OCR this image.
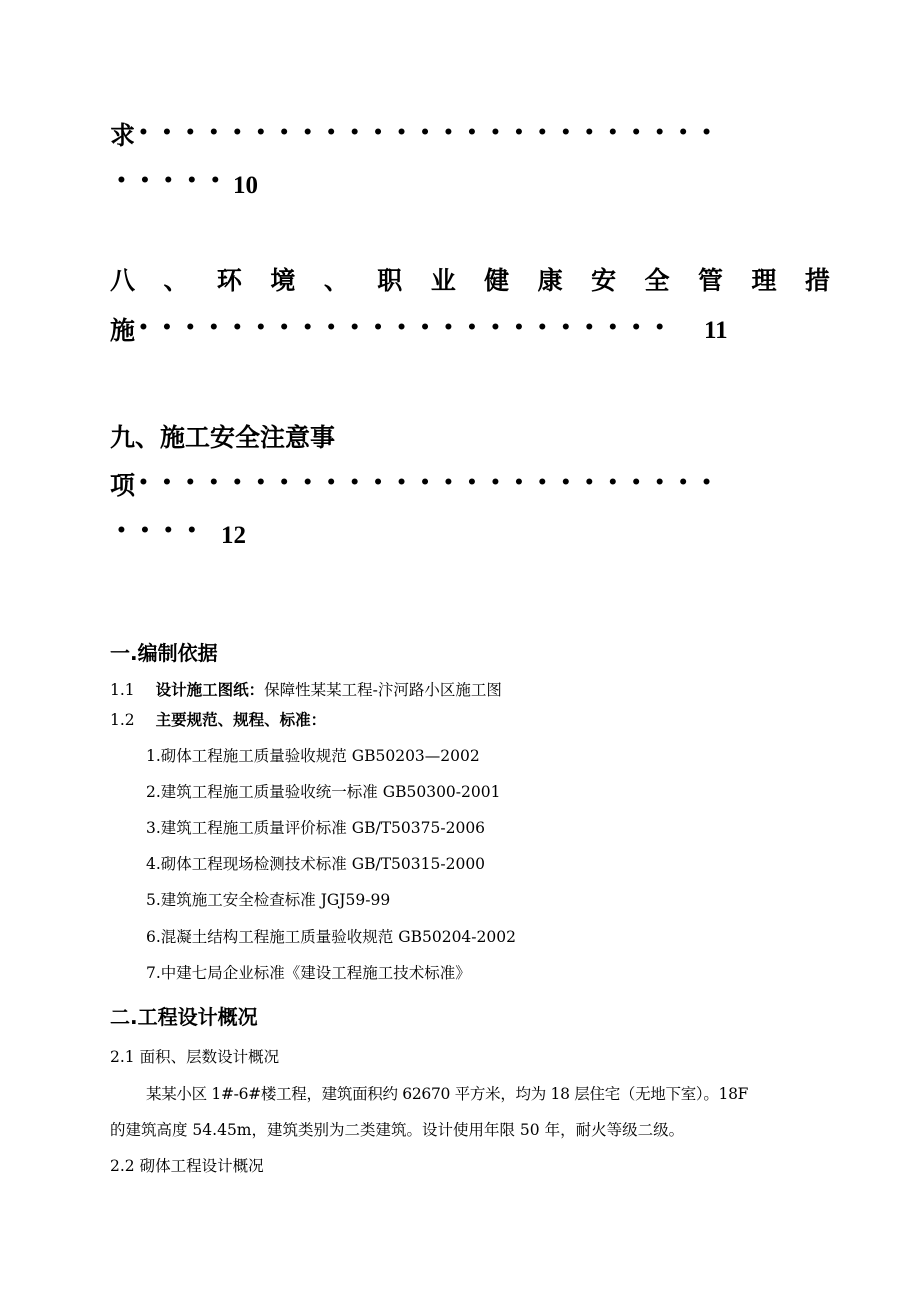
求 •••••••••••••••••••••••••
••••• 10
八 、 环 境 、 职 业 健 康 安 全 管 理 措
施 ••••••••••••••••••••••• 11
九、施工安全注意事
项 •••••••••••••••••••••••••
•••• 12
一.编制依据
1.1 设计施工图纸：保障性某某工程-汴河路小区施工图
1.2 主要规范、规程、标准：
1.砌体工程施工质量验收规范 GB50203—2002
2.建筑工程施工质量验收统一标准 GB50300-2001
3.建筑工程施工质量评价标准 GB/T50375-2006
4.砌体工程现场检测技术标准 GB/T50315-2000
5.建筑施工安全检查标准 JGJ59-99
6.混凝土结构工程施工质量验收规范 GB50204-2002
7.中建七局企业标准《建设工程施工技术标准》
二.工程设计概况
2.1 面积、层数设计概况
某某小区 1#-6#楼工程，建筑面积约 62670 平方米，均为 18 层住宅（无地下室）。18F
的建筑高度 54.45m，建筑类别为二类建筑。设计使用年限 50 年，耐火等级二级。
2.2 砌体工程设计概况
